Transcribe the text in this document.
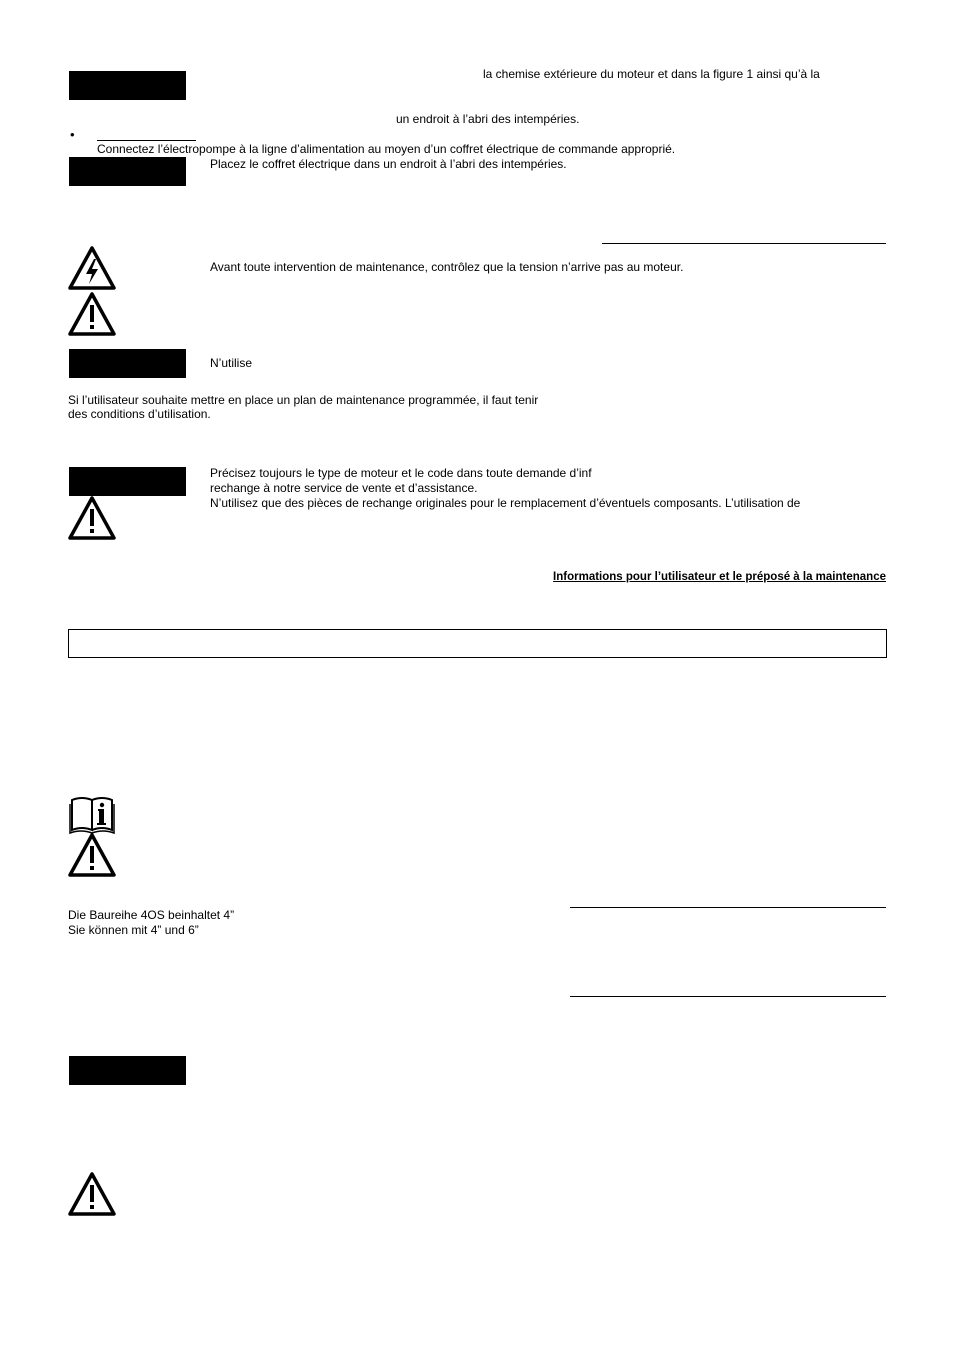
la chemise extérieure du moteur et dans la figure 1 ainsi qu’à la
un endroit à l’abri des intempéries.
•
Connectez l’électropompe à la ligne d’alimentation au moyen d’un coffret électrique de commande approprié.
Placez le coffret électrique dans un endroit à l’abri des intempéries.
Avant toute intervention de maintenance, contrôlez que la tension n’arrive pas au moteur.
N’utilise
Si l’utilisateur souhaite mettre en place un plan de maintenance programmée, il faut tenir
des conditions d’utilisation.
Précisez toujours le type de moteur et le code dans toute demande d’inf
rechange à notre service de vente et d’assistance.
N’utilisez que des pièces de rechange originales pour le remplacement d’éventuels composants. L’utilisation de
Informations pour l’utilisateur et le préposé à la maintenance
Die Baureihe 4OS beinhaltet 4”
Sie können mit 4” und 6”
